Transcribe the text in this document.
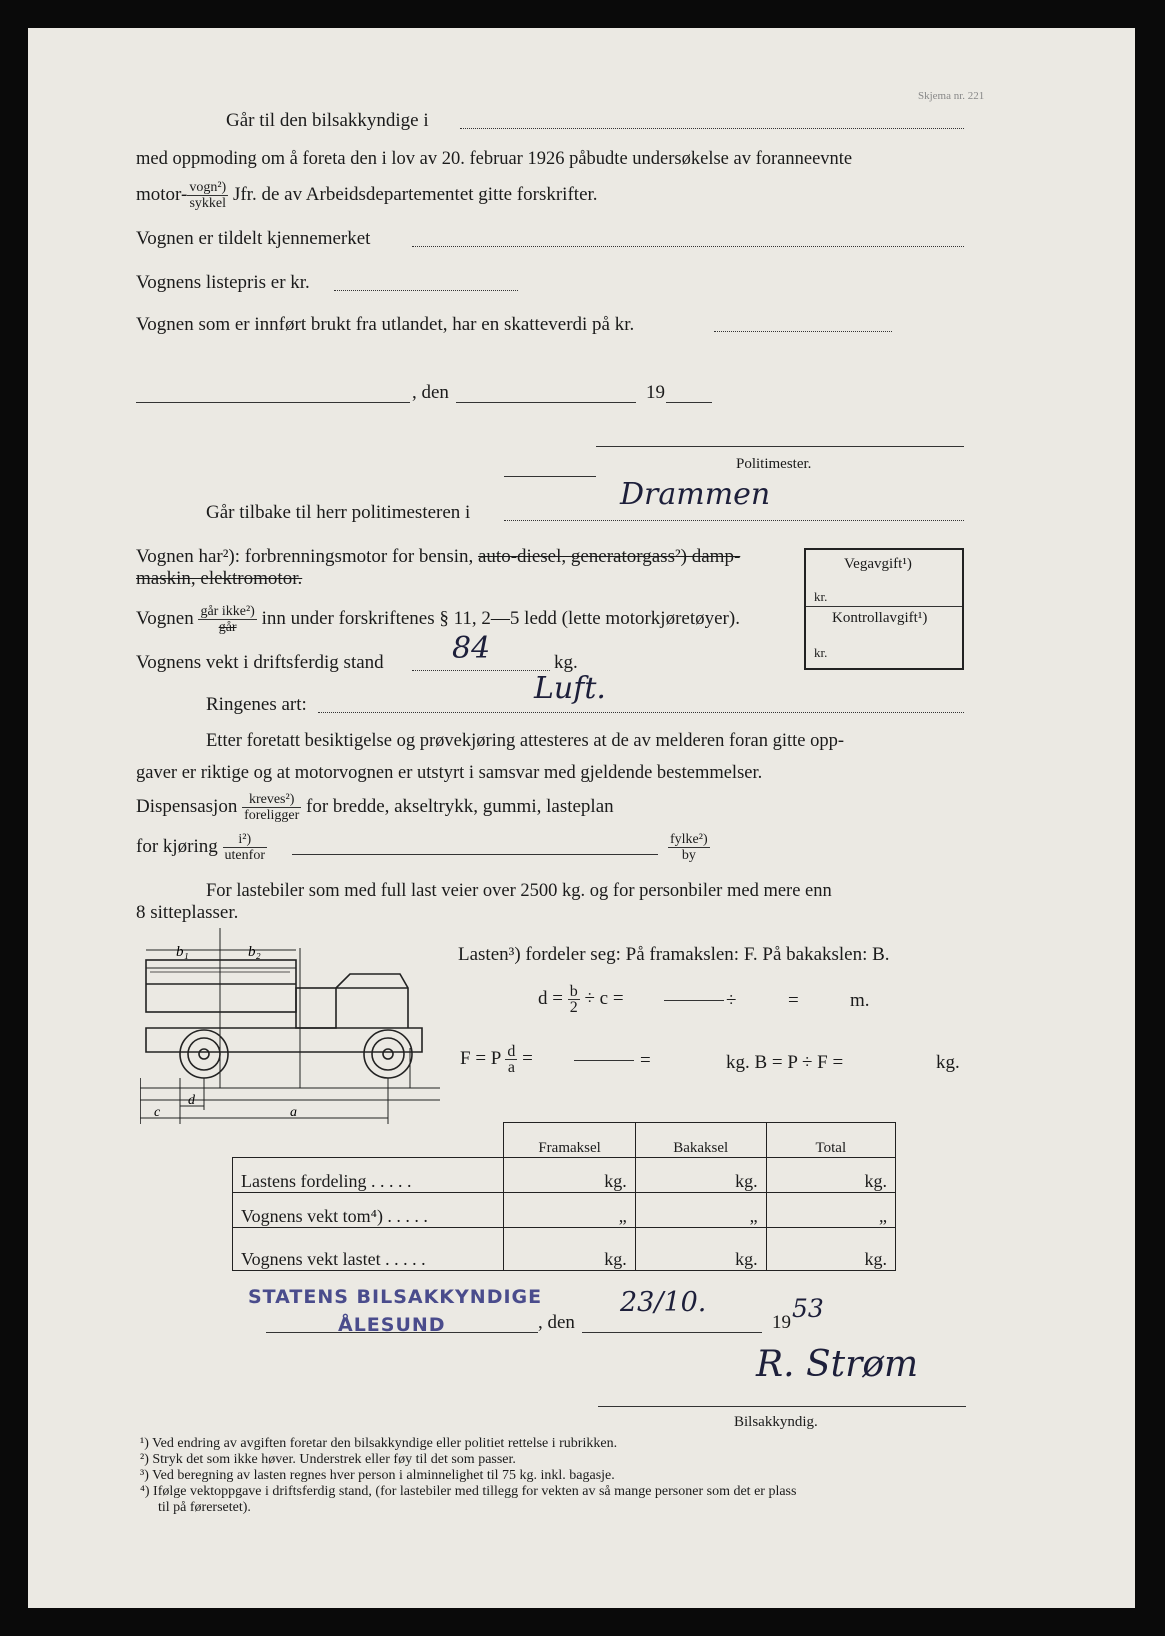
Skjema nr. 221
Går til den bilsakkyndige i
med oppmoding om å foreta den i lov av 20. februar 1926 påbudte undersøkelse av foranneevnte
motor- $\frac{\text{vogn²)}}{\text{sykkel}}$ Jfr. de av Arbeidsdepartementet gitte forskrifter.
Vognen er tildelt kjennemerket
Vognens listepris er kr.
Vognen som er innført brukt fra utlandet, har en skatteverdi på kr.
, den	19
Politimester.
Går tilbake til herr politimesteren i
Drammen
Vognen har²): forbrenningsmotor for bensin, auto-diesel, generatorgass²) damp-
maskin, elektromotor.
Vognen $\frac{\text{går ikke²)}}{\text{går}}$ inn under forskriftenes § 11, 2—5 ledd (lette motorkjøretøyer).
Vognens vekt i driftsferdig stand 84	kg.
Ringenes art:	Luft.
Etter foretatt besiktigelse og prøvekjøring attesteres at de av melderen foran gitte opp-
gaver er riktige og at motorvognen er utstyrt i samsvar med gjeldende bestemmelser.
Dispensasjon $\frac{\text{kreves²)}}{\text{foreligger}}$ for bredde, akseltrykk, gummi, lasteplan
for kjøring $\frac{\text{i²)}}{\text{utenfor}}$	$\frac{\text{fylke²)}}{by}$
Vegavgift¹)
kr.
Kontrollavgift¹)
kr.
For lastebiler som med full last veier over 2500 kg. og for personbiler med mere enn
8 sitteplasser.
b₁	b₂
c
d
a
Lasten³) fordeler seg: På framakslen: F. På bakakslen: B.
$d = \frac{b}{2} \div c$ =	÷	=	m.
F = P $\frac{d}{a}$ =	=	kg. B = P ÷ F =	kg.
	Framaksel	Bakaksel	Total
Lastens fordeling . . . . .	kg.	kg.	kg.
Vognens vekt tom⁴) . . . . .	„	„	„
Vognens vekt lastet . . . . .	kg.	kg.	kg.
STATENS BILSAKKYNDIGE
ÅLESUND	, den
23/10.
19 53
R. Strøm
Bilsakkyndig.
¹) Ved endring av avgiften foretar den bilsakkyndige eller politiet rettelse i rubrikken.
²) Stryk det som ikke høver. Understrek eller føy til det som passer.
³) Ved beregning av lasten regnes hver person i alminnelighet til 75 kg. inkl. bagasje.
⁴) Ifølge vektoppgave i driftsferdig stand, (for lastebiler med tillegg for vekten av så mange personer som det er plass
til på førersetet).
